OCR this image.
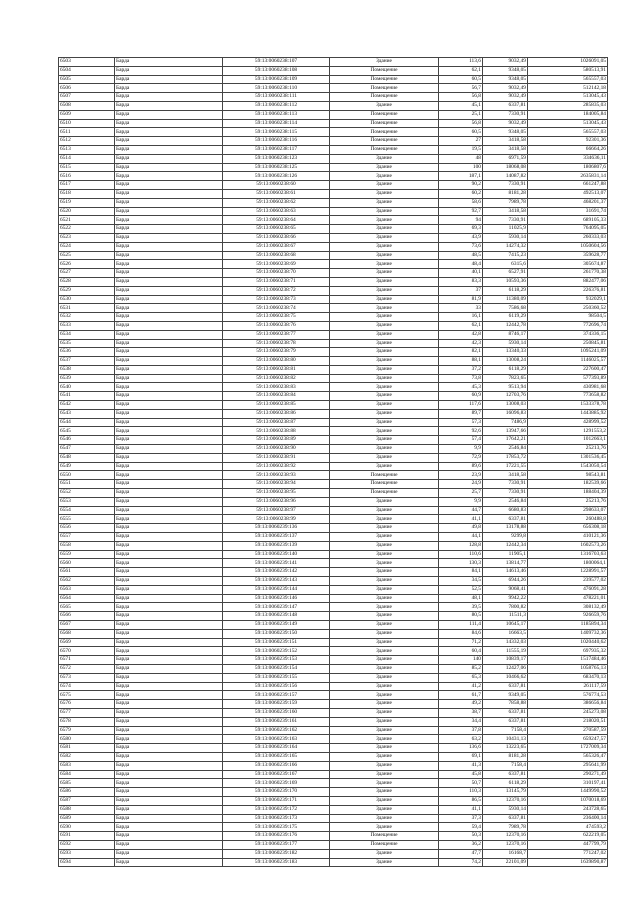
6503	Барда	59:13:0060238:107	Здание	113,6	9032,49	1026091,05
6504	Барда	59:13:0060238:108	Помещение	62,1	9348,05	580513,91
6505	Барда	59:13:0060238:109	Помещение	60,5	9348,05	565557,03
6506	Барда	59:13:0060238:110	Помещение	56,7	9032,49	512142,18
6507	Барда	59:13:0060238:111	Помещение	56,8	9032,49	513045,43
6508	Барда	59:13:0060238:112	Здание	45,1	6337,81	285835,03
6509	Барда	59:13:0060238:113	Помещение	25,1	7330,91	184005,84
6510	Барда	59:13:0060238:114	Помещение	56,8	9032,49	513045,43
6511	Барда	59:13:0060238:115	Помещение	60,5	9348,05	565557,03
6512	Барда	59:13:0060238:116	Помещение	27	3418,58	92301,36
6513	Барда	59:13:0060238:117	Помещение	19,5	3418,58	66664,26
6514	Барда	59:13:0060238:123	Здание	48	6971,59	334636,11
6515	Барда	59:13:0060238:125	Здание	100	18068,08	1806807,6
6516	Барда	59:13:0060238:126	Здание	187,1	14087,82	2635831,14
6517	Барда	59:13:0060238:60	Здание	90,2	7330,91	661247,88
6518	Барда	59:13:0060238:61	Здание	60,2	8181,28	492513,07
6519	Барда	59:13:0060238:62	Здание	58,6	7989,78	468201,37
6520	Барда	59:13:0060238:63	Здание	92,7	3418,58	31691,74
6521	Барда	59:13:0060238:64	Здание	94	7330,91	689105,33
6522	Барда	59:13:0060238:65	Здание	69,3	11025,9	764095,05
6523	Барда	59:13:0060238:66	Здание	43,9	5930,14	260333,03
6524	Барда	59:13:0060238:67	Здание	73,6	14274,32	1050604,56
6525	Барда	59:13:0060238:68	Здание	48,5	7415,23	359628,77
6526	Барда	59:13:0060238:69	Здание	48,4	6315,6	305674,87
6527	Барда	59:13:0060238:70	Здание	40,1	6527,91	261770,38
6528	Барда	59:13:0060238:71	Здание	83,3	10593,36	882477,06
6529	Барда	59:13:0060238:72	Здание	37	6118,29	226376,81
6530	Барда	59:13:0060238:73	Здание	81,9	11380,09	932029,1
6531	Барда	59:13:0060238:74	Здание	33	7586,68	250360,52
6532	Барда	59:13:0060238:75	Здание	16,1	6119,29	98504,5
6533	Барда	59:13:0060238:76	Здание	62,1	12442,78	772696,74
6534	Барда	59:13:0060238:77	Здание	42,8	8746,17	374336,15
6535	Барда	59:13:0060238:78	Здание	42,3	5930,14	250845,81
6536	Барда	59:13:0060238:79	Здание	82,1	13340,33	1095241,09
6537	Барда	59:13:0060238:80	Здание	88,1	13008,24	1146025,57
6538	Барда	59:13:0060238:81	Здание	37,2	6118,29	227600,47
6539	Барда	59:13:0060238:82	Здание	73,8	7823,65	577393,89
6540	Барда	59:13:0060238:83	Здание	45,3	9513,94	430981,68
6541	Барда	59:13:0060238:84	Здание	60,9	12703,76	773658,82
6542	Барда	59:13:0060238:85	Здание	117,6	13008,03	1533378,78
6543	Барда	59:13:0060238:86	Здание	89,7	16096,83	1443885,92
6544	Барда	59:13:0060238:87	Здание	57,3	7486,9	428999,52
6545	Барда	59:13:0060238:88	Здание	92,6	13947,66	1291553,2
6546	Барда	59:13:0060238:89	Здание	57,4	17642,21	1012663,1
6547	Барда	59:13:0060238:90	Здание	9,9	2546,84	25213,76
6548	Барда	59:13:0060238:91	Здание	72,9	17853,72	1301536,45
6549	Барда	59:13:0060238:92	Здание	89,6	17221,55	1543050,54
6550	Барда	59:13:0060238:93	Помещение	23,9	3418,58	98543,81
6551	Барда	59:13:0060238:94	Помещение	24,9	7330,91	182539,66
6552	Барда	59:13:0060238:95	Помещение	25,7	7330,91	188404,39
6553	Барда	59:13:0060238:96	Здание	9,9	2546,84	25213,76
6554	Барда	59:13:0060238:97	Здание	44,7	6680,83	298633,07
6555	Барда	59:13:0060238:99	Здание	41,1	6337,81	260488,8
6556	Барда	59:13:0060239:136	Здание	49,8	13178,88	656308,18
6557	Барда	59:13:0060239:137	Здание	44,1	9299,8	410121,36
6558	Барда	59:13:0060239:139	Здание	128,8	12442,34	1602573,26
6559	Барда	59:13:0060239:140	Здание	110,6	11905,1	1316703,63
6560	Барда	59:13:0060239:141	Здание	130,3	13814,77	1800064,1
6561	Барда	59:13:0060239:142	Здание	84,1	14613,46	1228991,57
6562	Барда	59:13:0060239:143	Здание	34,5	6944,26	239577,02
6563	Барда	59:13:0060239:144	Здание	52,5	9068,41	476091,28
6564	Барда	59:13:0060239:146	Здание	48,1	9942,22	478221,01
6565	Барда	59:13:0060239:147	Здание	39,5	7800,82	308132,49
6566	Барда	59:13:0060239:148	Здание	80,5	11511,3	926659,76
6567	Барда	59:13:0060239:149	Здание	111,4	10645,17	1185894,34
6568	Барда	59:13:0060239:150	Здание	84,6	16663,5	1409732,36
6569	Барда	59:13:0060239:151	Здание	71,2	14332,03	1020440,62
6570	Барда	59:13:0060239:152	Здание	60,4	11555,19	697935,32
6571	Барда	59:13:0060239:153	Здание	140	10839,17	1517484,46
6572	Барда	59:13:0060239:154	Здание	85,2	12427,06	1058765,13
6573	Барда	59:13:0060239:155	Здание	65,3	10466,62	683470,13
6574	Барда	59:13:0060239:156	Здание	41,2	6337,81	261117,59
6575	Барда	59:13:0060239:157	Здание	61,7	9349,05	576774,53
6576	Барда	59:13:0060239:159	Здание	49,2	7858,88	386656,84
6577	Барда	59:13:0060239:160	Здание	38,7	6337,81	245273,08
6578	Барда	59:13:0060239:161	Здание	34,4	6337,81	218020,51
6579	Барда	59:13:0060239:162	Здание	37,8	7158,4	270587,59
6580	Барда	59:13:0060239:163	Здание	63,2	10431,13	659247,57
6581	Барда	59:13:0060239:164	Здание	136,6	13223,65	1727009,34
6582	Барда	59:13:0060239:165	Здание	69,1	8181,28	565326,47
6583	Барда	59:13:0060239:166	Здание	41,3	7158,4	295641,99
6584	Барда	59:13:0060239:167	Здание	45,8	6337,81	290271,49
6585	Барда	59:13:0060239:169	Здание	50,7	6118,29	310197,41
6586	Барда	59:13:0060239:170	Здание	110,3	13145,79	1449990,52
6587	Барда	59:13:0060239:171	Здание	86,5	12370,16	1070018,69
6588	Барда	59:13:0060239:172	Здание	41,1	5930,14	243728,65
6589	Барда	59:13:0060239:173	Здание	37,3	6337,81	236400,14
6590	Барда	59:13:0060239:175	Здание	59,4	7989,78	474593,2
6591	Барда	59:13:0060239:176	Помещение	50,3	12370,16	622219,05
6592	Барда	59:13:0060239:177	Помещение	36,2	12370,16	447799,79
6593	Барда	59:13:0060239:182	Здание	47,7	16168,7	771247,02
6594	Барда	59:13:0060239:183	Здание	74,2	22101,09	1639890,87
